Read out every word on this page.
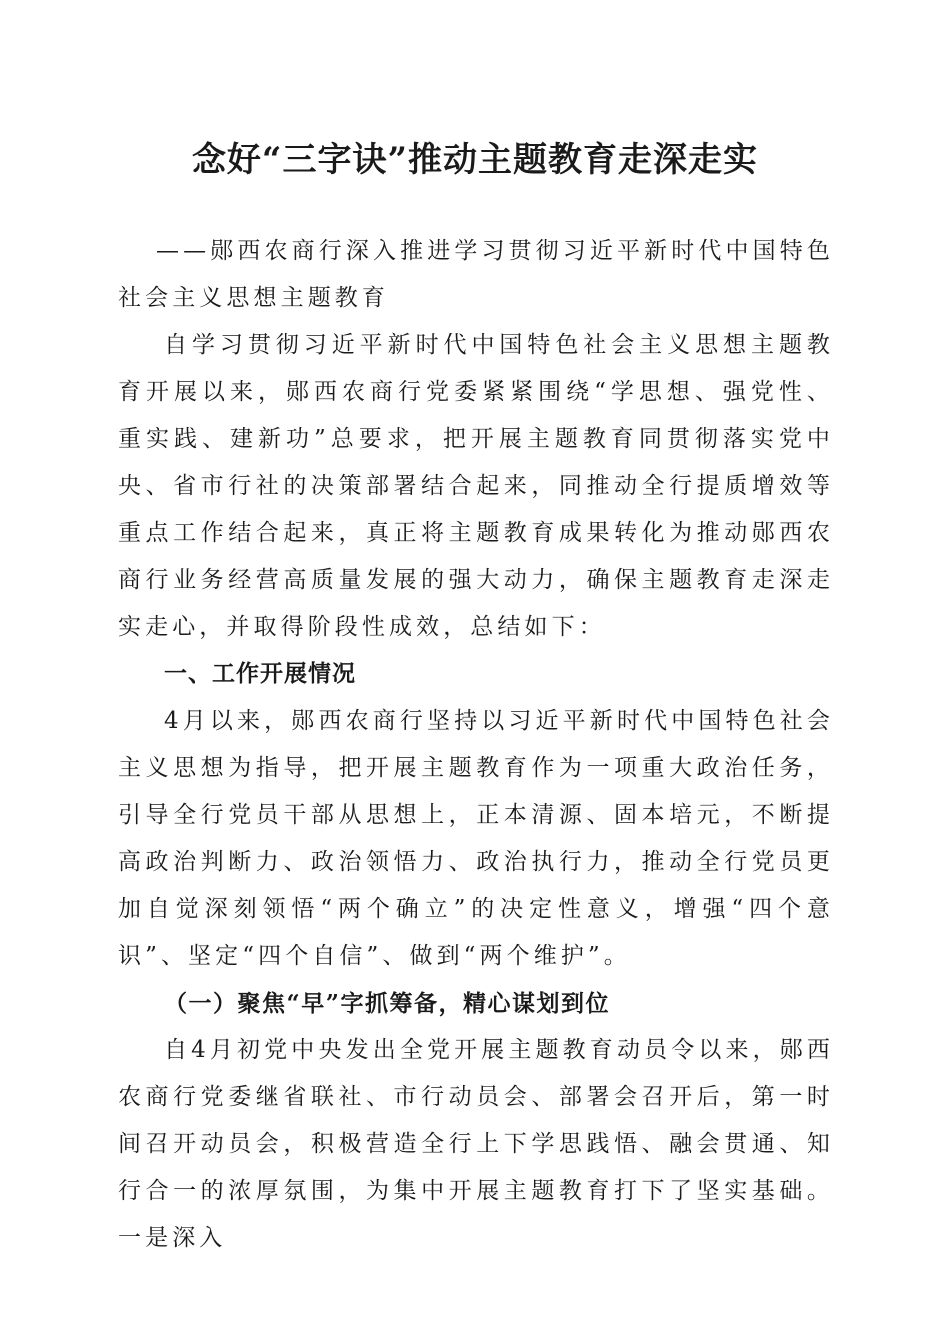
念好“三字诀”推动主题教育走深走实

——郧西农商行深入推进学习贯彻习近平新时代中国特色社会主义思想主题教育

自学习贯彻习近平新时代中国特色社会主义思想主题教育开展以来，郧西农商行党委紧紧围绕“学思想、强党性、重实践、建新功”总要求，把开展主题教育同贯彻落实党中央、省市行社的决策部署结合起来，同推动全行提质增效等重点工作结合起来，真正将主题教育成果转化为推动郧西农商行业务经营高质量发展的强大动力，确保主题教育走深走实走心，并取得阶段性成效，总结如下：

一、工作开展情况

4月以来，郧西农商行坚持以习近平新时代中国特色社会主义思想为指导，把开展主题教育作为一项重大政治任务，引导全行党员干部从思想上，正本清源、固本培元，不断提高政治判断力、政治领悟力、政治执行力，推动全行党员更加自觉深刻领悟“两个确立”的决定性意义，增强“四个意识”、坚定“四个自信”、做到“两个维护”。

（一）聚焦“早”字抓筹备，精心谋划到位

自4月初党中央发出全党开展主题教育动员令以来，郧西农商行党委继省联社、市行动员会、部署会召开后，第一时间召开动员会，积极营造全行上下学思践悟、融会贯通、知行合一的浓厚氛围，为集中开展主题教育打下了坚实基础。一是深入
